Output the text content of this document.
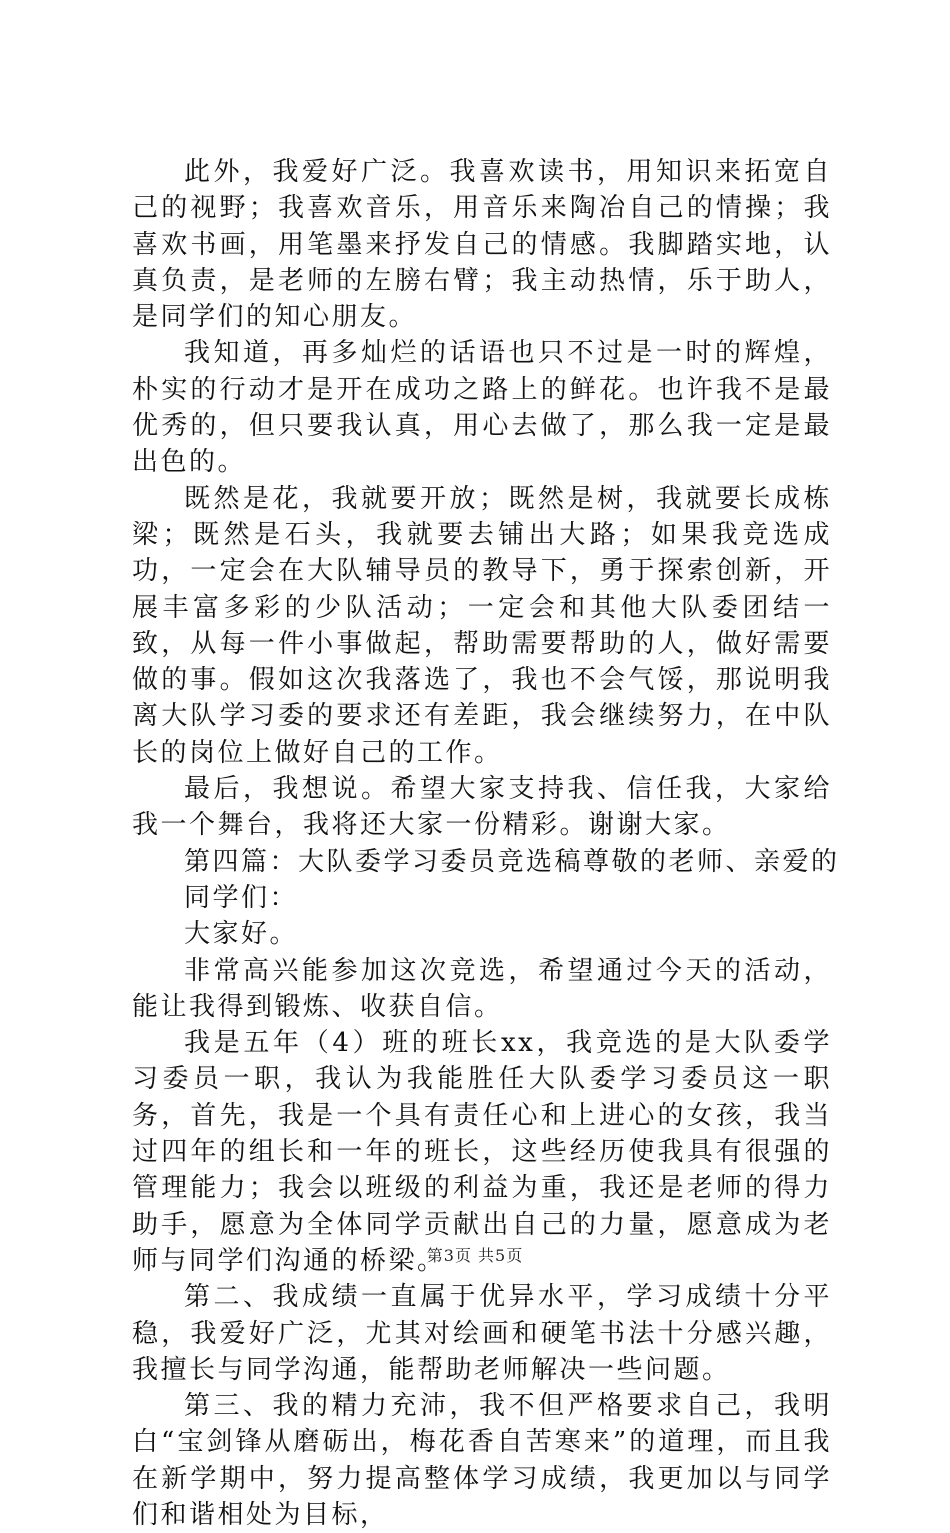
此外，我爱好广泛。我喜欢读书，用知识来拓宽自己的视野；我喜欢音乐，用音乐来陶冶自己的情操；我喜欢书画，用笔墨来抒发自己的情感。我脚踏实地，认真负责，是老师的左膀右臂；我主动热情，乐于助人，是同学们的知心朋友。

我知道，再多灿烂的话语也只不过是一时的辉煌，朴实的行动才是开在成功之路上的鲜花。也许我不是最优秀的，但只要我认真，用心去做了，那么我一定是最出色的。

既然是花，我就要开放；既然是树，我就要长成栋梁；既然是石头，我就要去铺出大路；如果我竞选成功，一定会在大队辅导员的教导下，勇于探索创新，开展丰富多彩的少队活动；一定会和其他大队委团结一致，从每一件小事做起，帮助需要帮助的人，做好需要做的事。假如这次我落选了，我也不会气馁，那说明我离大队学习委的要求还有差距，我会继续努力，在中队长的岗位上做好自己的工作。

最后，我想说。希望大家支持我、信任我，大家给我一个舞台，我将还大家一份精彩。谢谢大家。

第四篇：大队委学习委员竞选稿尊敬的老师、亲爱的

同学们：

大家好。

非常高兴能参加这次竞选，希望通过今天的活动，能让我得到锻炼、收获自信。

我是五年（4）班的班长xx，我竞选的是大队委学习委员一职，我认为我能胜任大队委学习委员这一职务，首先，我是一个具有责任心和上进心的女孩，我当过四年的组长和一年的班长，这些经历使我具有很强的管理能力；我会以班级的利益为重，我还是老师的得力助手，愿意为全体同学贡献出自己的力量，愿意成为老师与同学们沟通的桥梁。

第二、我成绩一直属于优异水平，学习成绩十分平稳，我爱好广泛，尤其对绘画和硬笔书法十分感兴趣，我擅长与同学沟通，能帮助老师解决一些问题。

第三、我的精力充沛，我不但严格要求自己，我明白“宝剑锋从磨砺出，梅花香自苦寒来”的道理，而且我在新学期中，努力提高整体学习成绩，我更加以与同学们和谐相处为目标，

第3页 共5页
